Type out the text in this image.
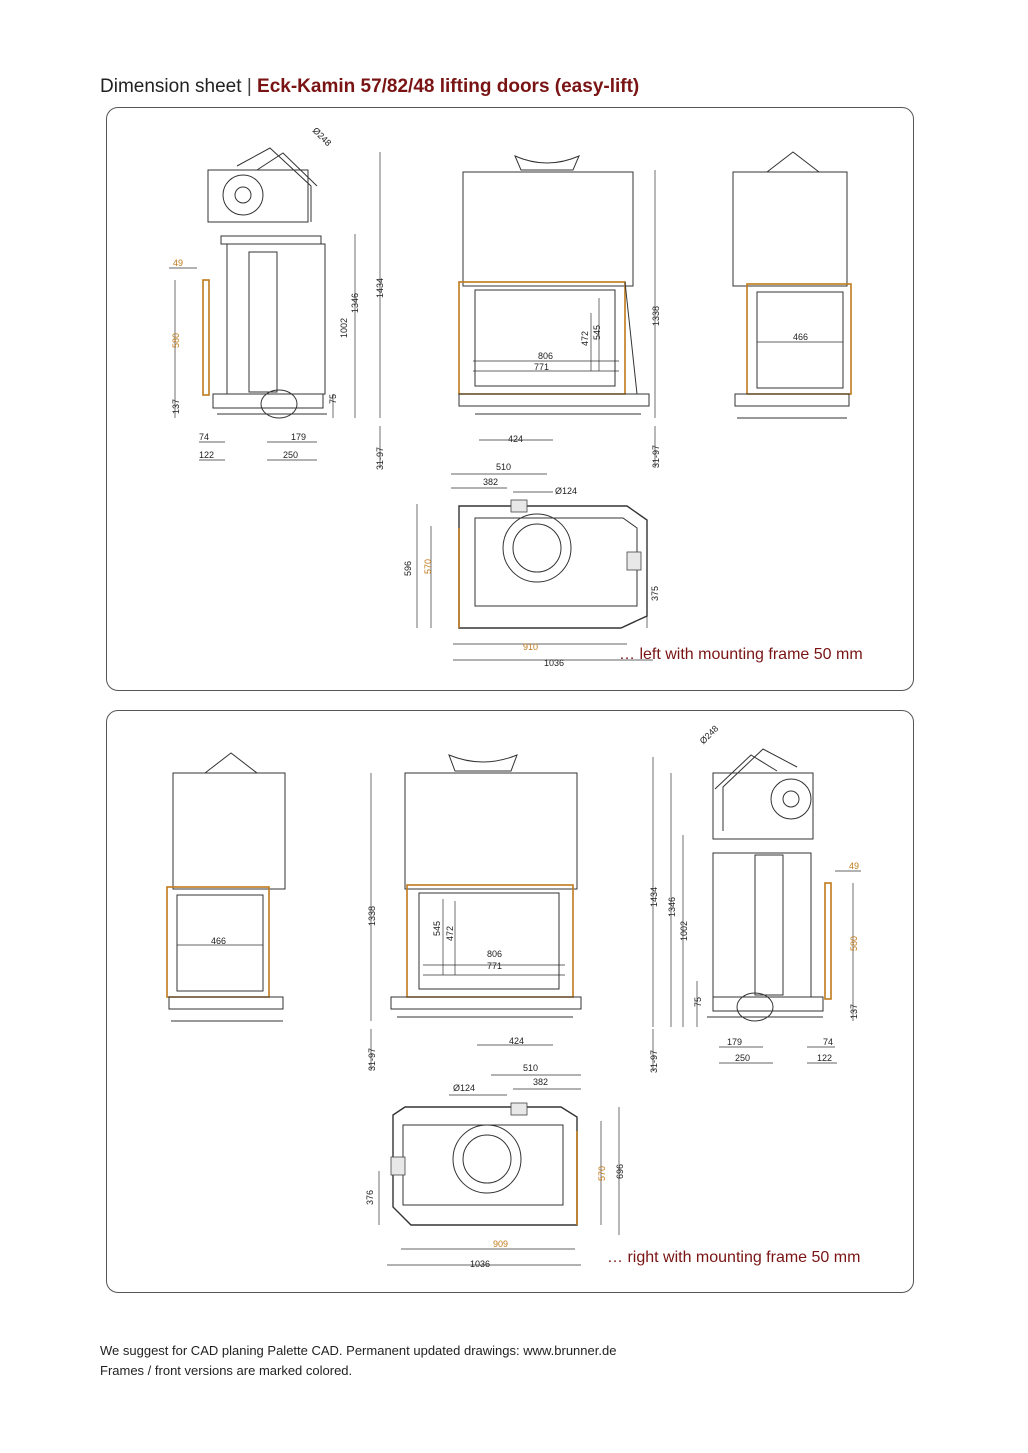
Dimension sheet | Eck-Kamin 57/82/48 lifting doors (easy-lift)
Ø248
1434
1346
1002
75
137
31-97
49
580
74
122
179
250
806
771
472 545
1338
424
31-97
466
510
382
Ø124
596 570
375
910
1036	… left with mounting frame 50 mm
466
1338
545 472
806
771
424
31-97
Ø248
1434 1346
1002
75
31-97
49
580
137
179
250
74
122
510
382
Ø124
376
570 696
909
1036	… right with mounting frame 50 mm
We suggest for CAD planing Palette CAD. Permanent updated drawings: www.brunner.de
Frames / front versions are marked colored.
